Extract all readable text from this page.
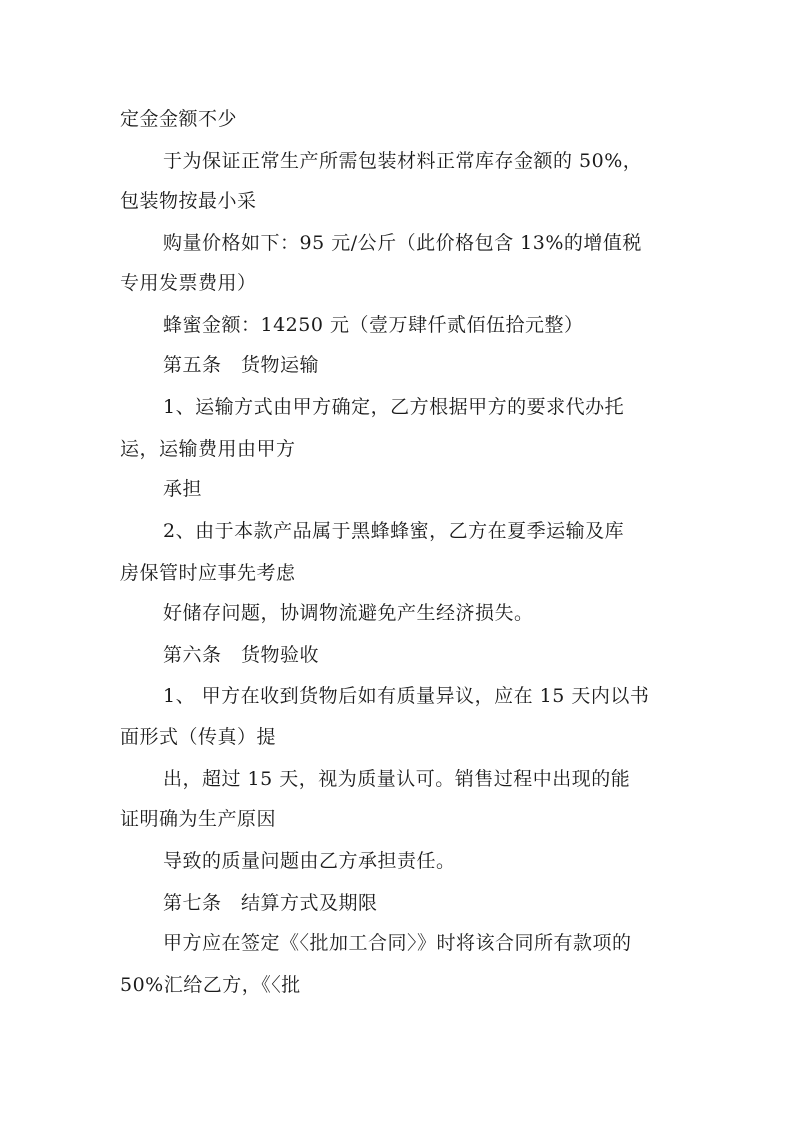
定金金额不少
于为保证正常生产所需包装材料正常库存金额的 50%，
包装物按最小采
购量价格如下：95 元/公斤（此价格包含 13%的增值税
专用发票费用）
蜂蜜金额：14250 元（壹万肆仟贰佰伍拾元整）
第五条　货物运输
1、运输方式由甲方确定，乙方根据甲方的要求代办托
运，运输费用由甲方
承担
2、由于本款产品属于黑蜂蜂蜜，乙方在夏季运输及库
房保管时应事先考虑
好储存问题，协调物流避免产生经济损失。
第六条　货物验收
1、 甲方在收到货物后如有质量异议，应在 15 天内以书
面形式（传真）提
出，超过 15 天，视为质量认可。销售过程中出现的能
证明确为生产原因
导致的质量问题由乙方承担责任。
第七条　结算方式及期限
甲方应在签定《〈批加工合同〉》时将该合同所有款项的
50%汇给乙方，《〈批
